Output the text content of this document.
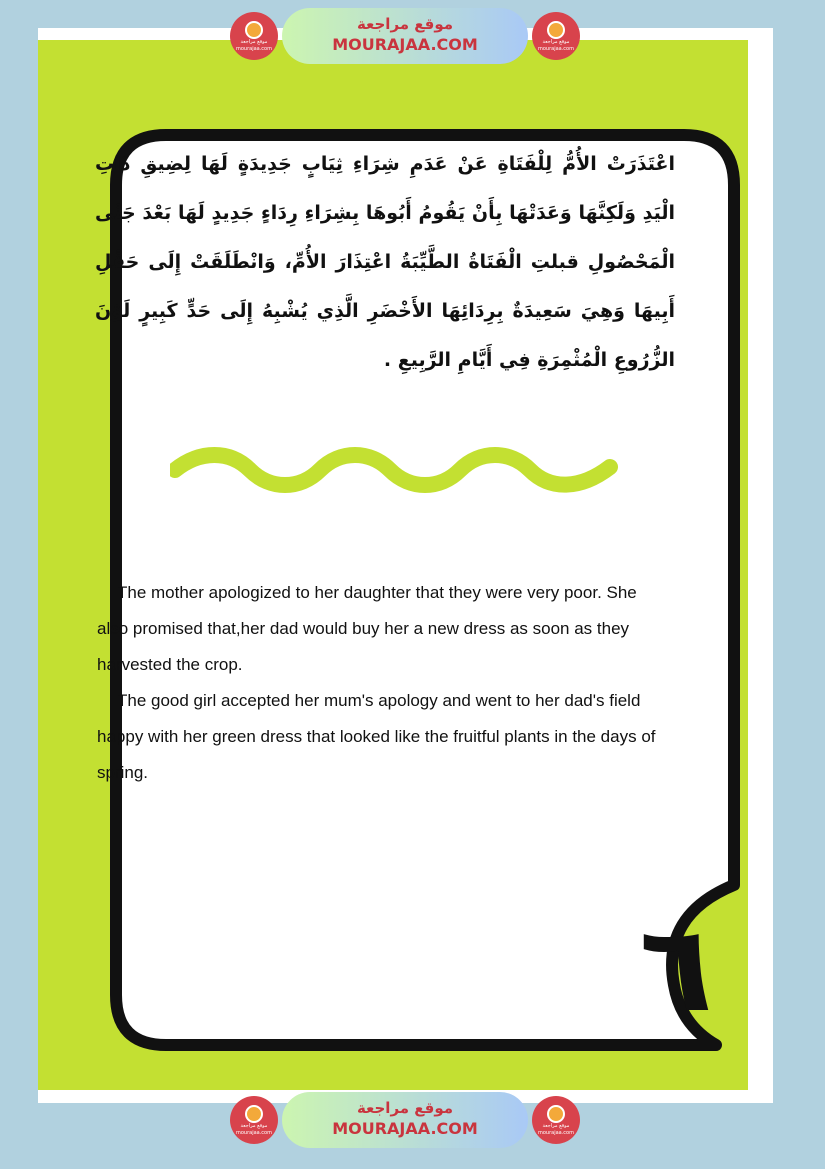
٦
اعْتَذَرَتْ الأُمُّ لِلْفَتَاةِ عَنْ عَدَمِ شِرَاءِ ثِيَابٍ جَدِيدَةٍ لَهَا لِضِيقِ ذَاتِ الْيَدِ وَلَكِنَّهَا وَعَدَتْهَا بِأَنْ يَقُومُ أَبُوهَا بِشِرَاءِ رِدَاءٍ جَدِيدٍ لَهَا بَعْدَ جَنْى الْمَحْصُولِ قبلتِ الْفَتَاةُ الطَّيِّبَةُ اعْتِذَارَ الأُمِّ، وَانْطَلَقَتْ إِلَى حَقْلِ أَبِيهَا وَهِيَ سَعِيدَةٌ بِرِدَائِهَا الأَخْضَرِ الَّذِي يُشْبِهُ إِلَى حَدٍّ كَبِيرٍ لَوْنَ الزُّرُوعِ الْمُثْمِرَةِ فِي أَيَّامِ الرَّبِيعِ .

The mother apologized to her daughter that they were very poor. She also promised that,her dad would buy her a new dress as soon as they harvested the crop.

The good girl accepted her mum's apology and went to her dad's field happy with her green dress that looked like the fruitful plants in the days of spring.

موقع مراجعة mourajaa.com
موقع مراجعة
MOURAJAA.COM	موقع مراجعة mourajaa.com
موقع مراجعة mourajaa.com
موقع مراجعة
MOURAJAA.COM	موقع مراجعة mourajaa.com
